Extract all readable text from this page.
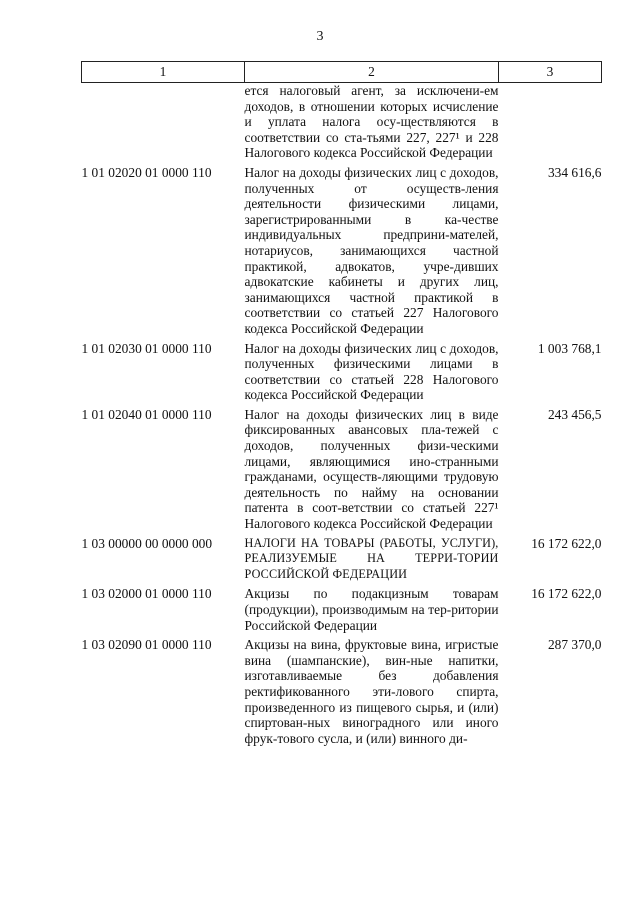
3
1	2	3
	ется налоговый агент, за исключени-ем доходов, в отношении которых исчисление и уплата налога осу-ществляются в соответствии со ста-тьями 227, 227¹ и 228 Налогового кодекса Российской Федерации	
1 01 02020 01 0000 110	Налог на доходы физических лиц с доходов, полученных от осуществ-ления деятельности физическими лицами, зарегистрированными в ка-честве индивидуальных предприни-мателей, нотариусов, занимающихся частной практикой, адвокатов, учре-дивших адвокатские кабинеты и других лиц, занимающихся частной практикой в соответствии со статьей 227 Налогового кодекса Российской Федерации	334 616,6
1 01 02030 01 0000 110	Налог на доходы физических лиц с доходов, полученных физическими лицами в соответствии со статьей 228 Налогового кодекса Российской Федерации	1 003 768,1
1 01 02040 01 0000 110	Налог на доходы физических лиц в виде фиксированных авансовых пла-тежей с доходов, полученных физи-ческими лицами, являющимися ино-странными гражданами, осуществ-ляющими трудовую деятельность по найму на основании патента в соот-ветствии со статьей 227¹ Налогового кодекса Российской Федерации	243 456,5
1 03 00000 00 0000 000	НАЛОГИ НА ТОВАРЫ (РАБОТЫ, УСЛУГИ), РЕАЛИЗУЕМЫЕ НА ТЕРРИ-ТОРИИ РОССИЙСКОЙ ФЕДЕРАЦИИ	16 172 622,0
1 03 02000 01 0000 110	Акцизы по подакцизным товарам (продукции), производимым на тер-ритории Российской Федерации	16 172 622,0
1 03 02090 01 0000 110	Акцизы на вина, фруктовые вина, игристые вина (шампанские), вин-ные напитки, изготавливаемые без добавления ректификованного эти-лового спирта, произведенного из пищевого сырья, и (или) спиртован-ных виноградного или иного фрук-тового сусла, и (или) винного ди-	287 370,0
